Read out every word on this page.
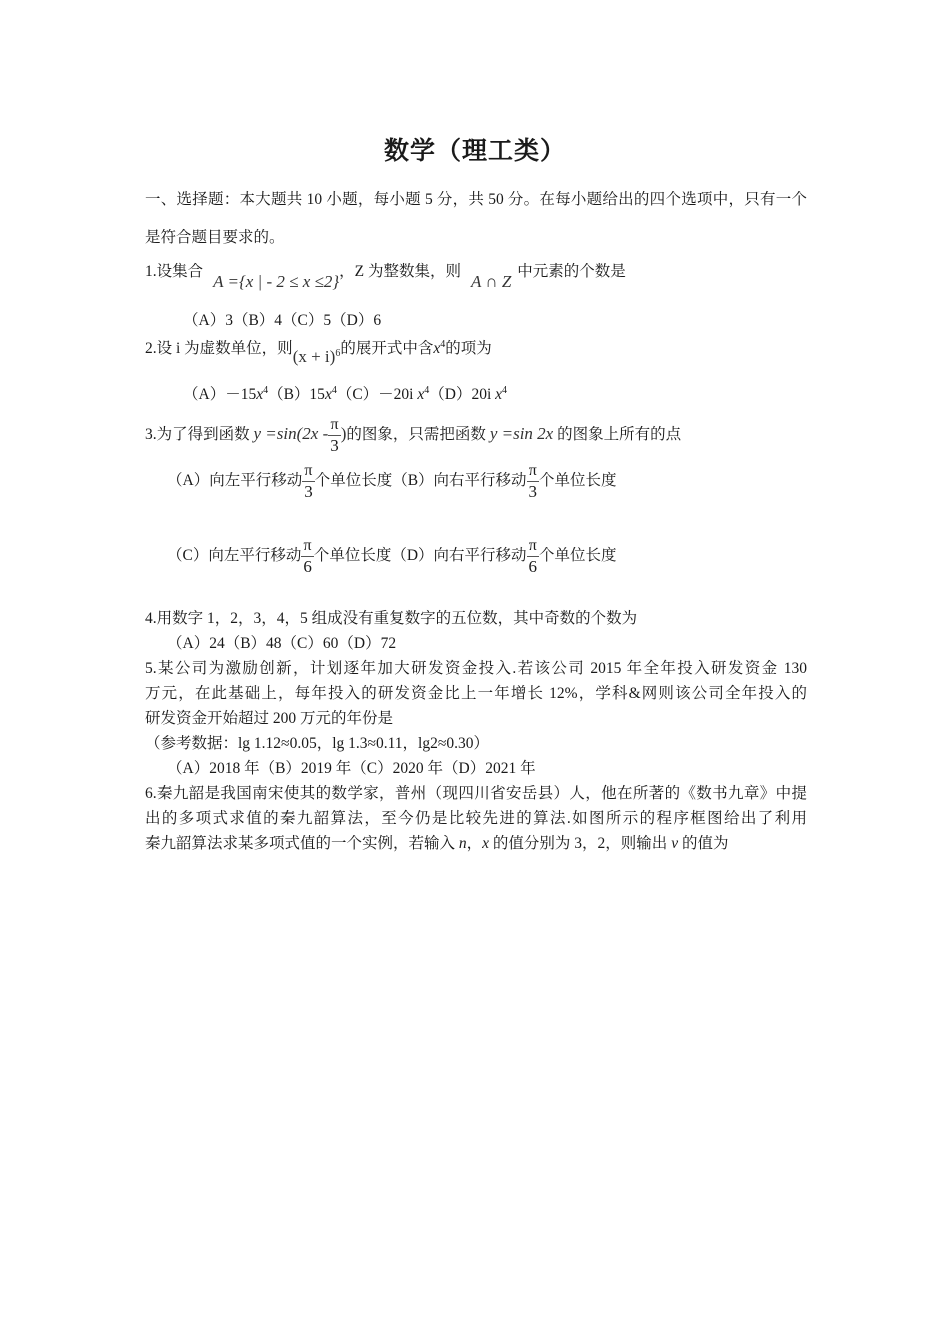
数学（理工类）
一、选择题：本大题共 10 小题，每小题 5 分，共 50 分。在每小题给出的四个选项中，只有一个
是符合题目要求的。
1.设集合A ={x | - 2 ≤ x ≤2}，Z 为整数集，则A ∩ Z中元素的个数是
（A）3（B）4（C）5（D）6
2.设 i 为虚数单位，则$(x + i)^6$的展开式中含$x^4$的项为
$(A)-15x^4(B)15x^4(C)-20i$ $x^4(D)20i$ $x^4$
3.为了得到函数 $y =\sin(2x - \frac{\pi}{3}$ )的图象，只需把函数 y =sin 2x 的图象上所有的点
（A）向左平行移动 $\frac{\pi}{3}$ 个单位长度（B）向右平行移动 $\frac{\pi}{3}$ 个单位长度
（C）向左平行移动 $\frac{\pi}{6}$ 个单位长度（D）向右平行移动 $\frac{\pi}{6}$ 个单位长度
4.用数字 1，2，3，4，5 组成没有重复数字的五位数，其中奇数的个数为
（A）24（B）48（C）60（D）72
5.某公司为激励创新，计划逐年加大研发资金投入.若该公司 2015 年全年投入研发资金 130
万元，在此基础上，每年投入的研发资金比上一年增长 12%，学科&网则该公司全年投入的
研发资金开始超过 200 万元的年份是
（参考数据：lg 1.12≈0.05，lg 1.3≈0.11，lg2≈0.30）
（A）2018 年（B）2019 年（C）2020 年（D）2021 年
6.秦九韶是我国南宋使其的数学家，普州（现四川省安岳县）人，他在所著的《数书九章》中提
出的多项式求值的秦九韶算法，至今仍是比较先进的算法.如图所示的程序框图给出了利用
秦九韶算法求某多项式值的一个实例，若输入 n，x 的值分别为 3，2，则输出 v 的值为
